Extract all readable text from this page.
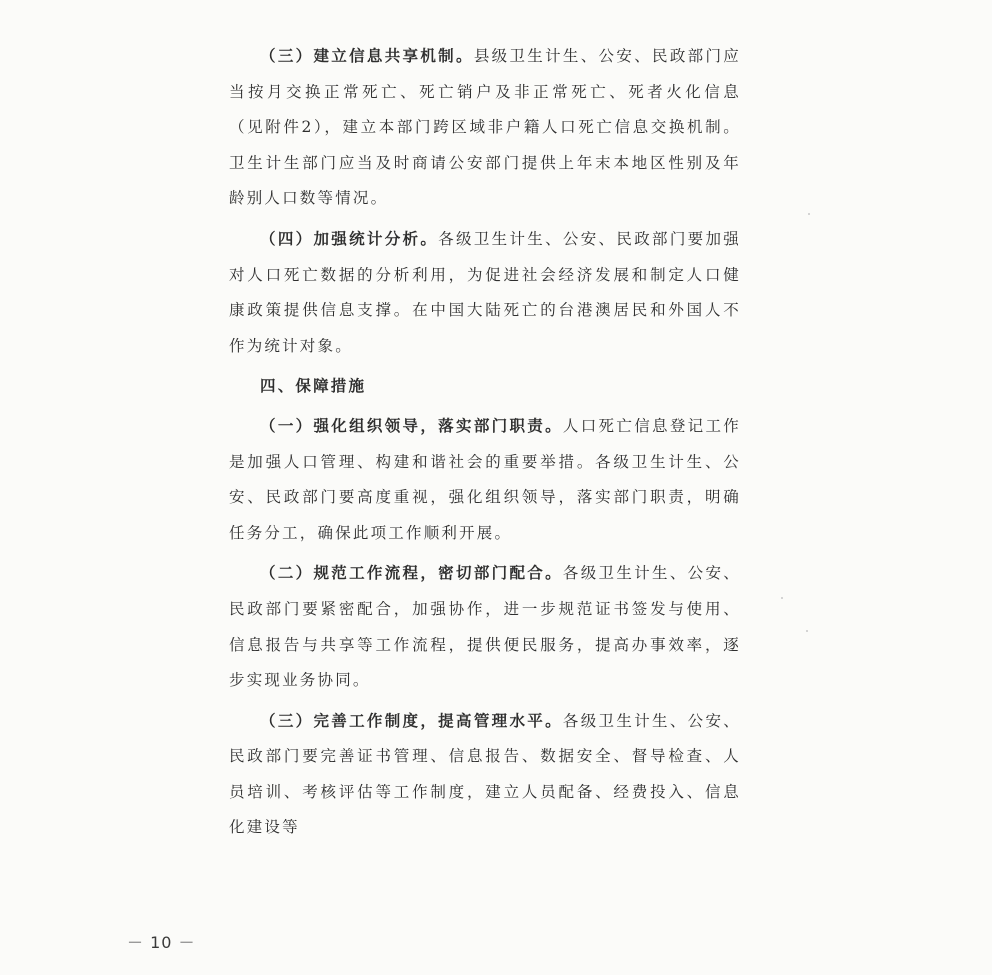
（三）建立信息共享机制。县级卫生计生、公安、民政部门应当按月交换正常死亡、死亡销户及非正常死亡、死者火化信息（见附件2），建立本部门跨区域非户籍人口死亡信息交换机制。卫生计生部门应当及时商请公安部门提供上年末本地区性别及年龄别人口数等情况。

（四）加强统计分析。各级卫生计生、公安、民政部门要加强对人口死亡数据的分析利用，为促进社会经济发展和制定人口健康政策提供信息支撑。在中国大陆死亡的台港澳居民和外国人不作为统计对象。

四、保障措施

（一）强化组织领导，落实部门职责。人口死亡信息登记工作是加强人口管理、构建和谐社会的重要举措。各级卫生计生、公安、民政部门要高度重视，强化组织领导，落实部门职责，明确任务分工，确保此项工作顺利开展。

（二）规范工作流程，密切部门配合。各级卫生计生、公安、民政部门要紧密配合，加强协作，进一步规范证书签发与使用、信息报告与共享等工作流程，提供便民服务，提高办事效率，逐步实现业务协同。

（三）完善工作制度，提高管理水平。各级卫生计生、公安、民政部门要完善证书管理、信息报告、数据安全、督导检查、人员培训、考核评估等工作制度，建立人员配备、经费投入、信息化建设等

－ 10 －
